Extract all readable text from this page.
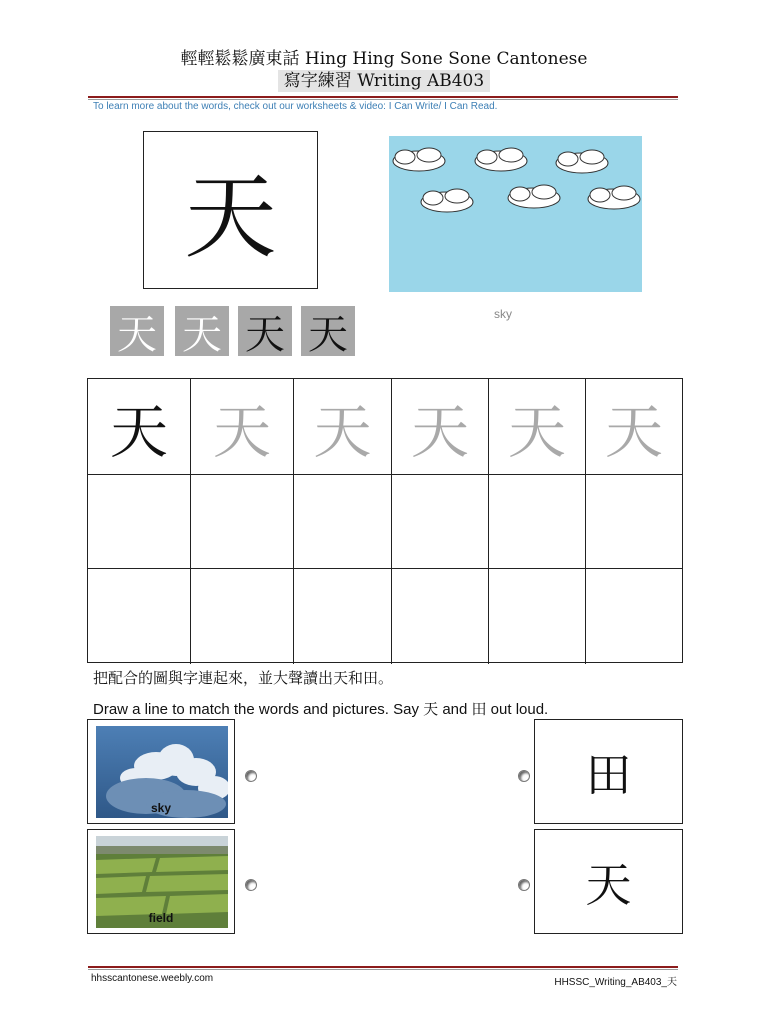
輕輕鬆鬆廣東話 Hing Hing Sone Sone Cantonese
寫字練習 Writing AB403
To learn more about the words, check out our worksheets & video: I Can Write/ I Can Read.
天
sky
天 天 天 天
天 天 天 天 天 天
把配合的圖與字連起來，並大聲讀出天和田。
Draw a line to match the words and pictures. Say 天 and 田 out loud.
sky
field
田
天
hhsscantonese.weebly.com	HHSSC_Writing_AB403_天
